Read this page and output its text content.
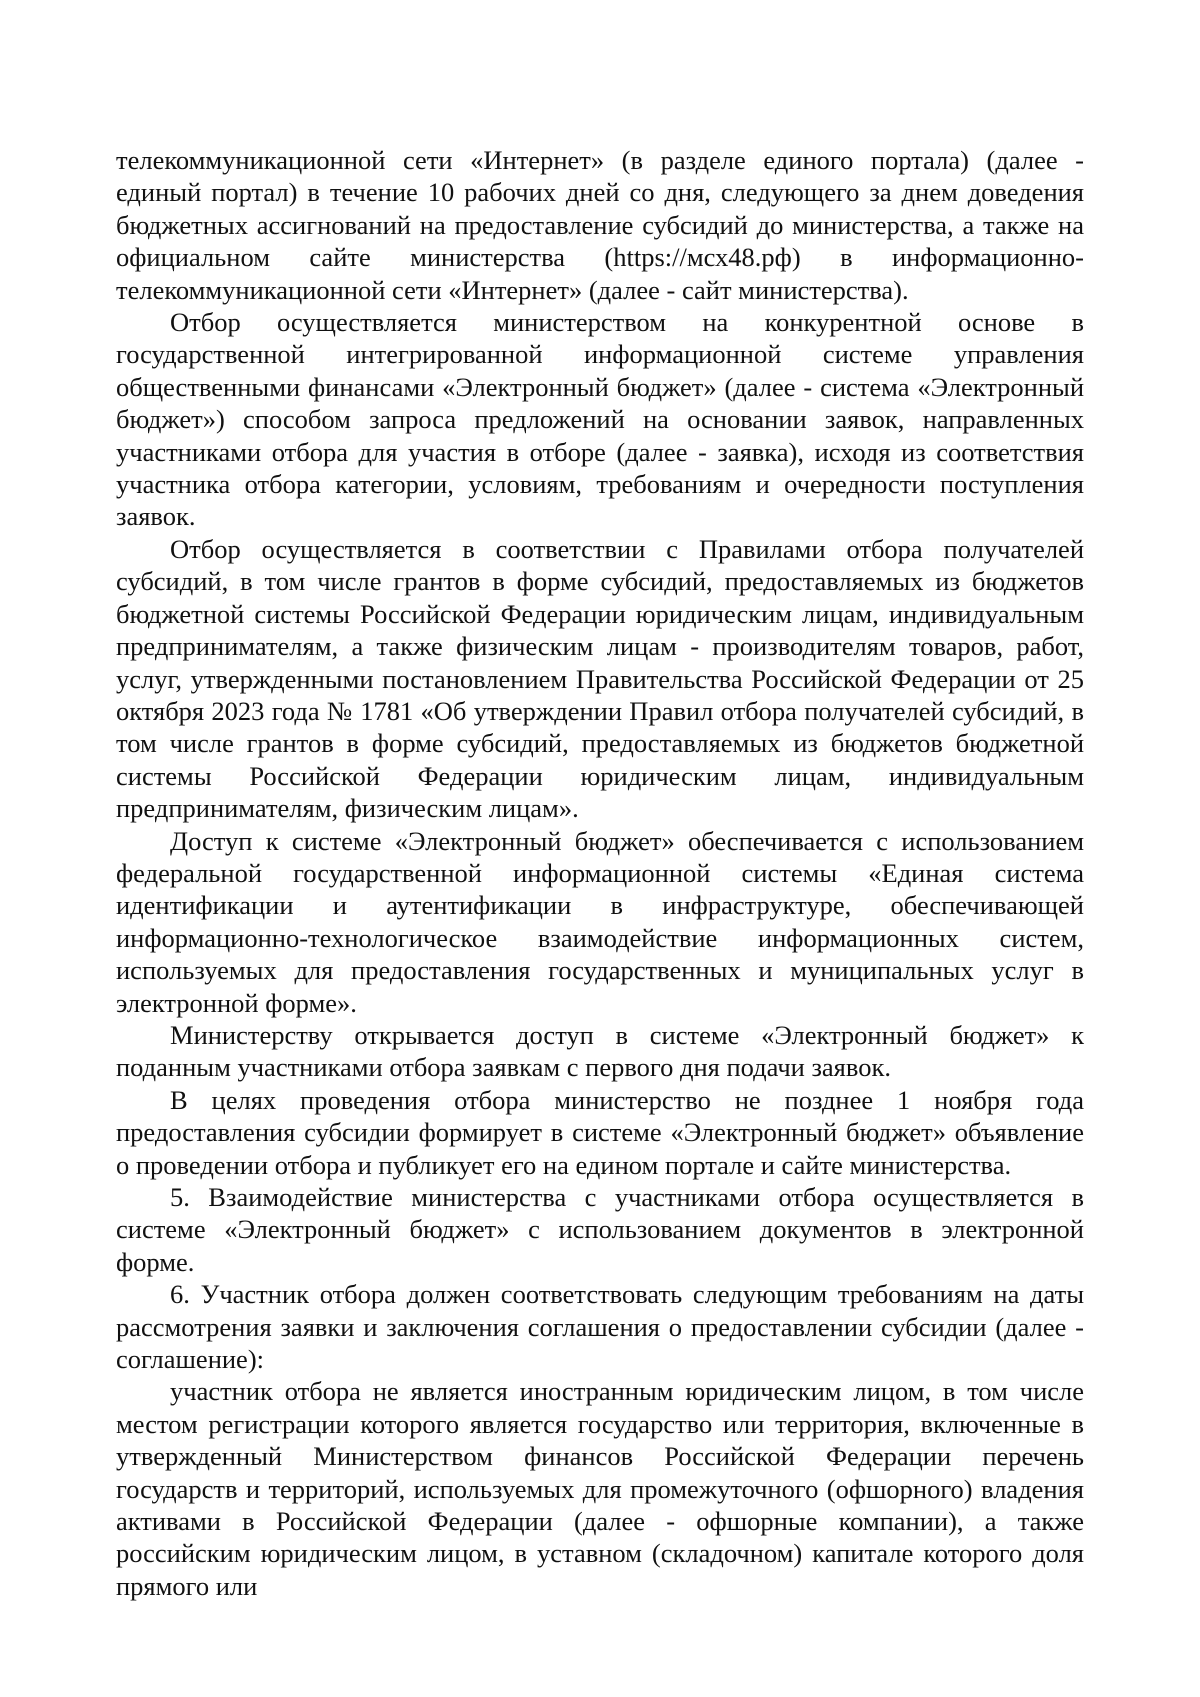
телекоммуникационной сети «Интернет» (в разделе единого портала) (далее - единый портал) в течение 10 рабочих дней со дня, следующего за днем доведения бюджетных ассигнований на предоставление субсидий до министерства, а также на официальном сайте министерства (https://мсх48.рф) в информационно-телекоммуникационной сети «Интернет» (далее - сайт министерства).

Отбор осуществляется министерством на конкурентной основе в государственной интегрированной информационной системе управления общественными финансами «Электронный бюджет» (далее - система «Электронный бюджет») способом запроса предложений на основании заявок, направленных участниками отбора для участия в отборе (далее - заявка), исходя из соответствия участника отбора категории, условиям, требованиям и очередности поступления заявок.

Отбор осуществляется в соответствии с Правилами отбора получателей субсидий, в том числе грантов в форме субсидий, предоставляемых из бюджетов бюджетной системы Российской Федерации юридическим лицам, индивидуальным предпринимателям, а также физическим лицам - производителям товаров, работ, услуг, утвержденными постановлением Правительства Российской Федерации от 25 октября 2023 года № 1781 «Об утверждении Правил отбора получателей субсидий, в том числе грантов в форме субсидий, предоставляемых из бюджетов бюджетной системы Российской Федерации юридическим лицам, индивидуальным предпринимателям, физическим лицам».

Доступ к системе «Электронный бюджет» обеспечивается с использованием федеральной государственной информационной системы «Единая система идентификации и аутентификации в инфраструктуре, обеспечивающей информационно-технологическое взаимодействие информационных систем, используемых для предоставления государственных и муниципальных услуг в электронной форме».

Министерству открывается доступ в системе «Электронный бюджет» к поданным участниками отбора заявкам с первого дня подачи заявок.

В целях проведения отбора министерство не позднее 1 ноября года предоставления субсидии формирует в системе «Электронный бюджет» объявление о проведении отбора и публикует его на едином портале и сайте министерства.

5. Взаимодействие министерства с участниками отбора осуществляется в системе «Электронный бюджет» с использованием документов в электронной форме.

6. Участник отбора должен соответствовать следующим требованиям на даты рассмотрения заявки и заключения соглашения о предоставлении субсидии (далее - соглашение):

участник отбора не является иностранным юридическим лицом, в том числе местом регистрации которого является государство или территория, включенные в утвержденный Министерством финансов Российской Федерации перечень государств и территорий, используемых для промежуточного (офшорного) владения активами в Российской Федерации (далее - офшорные компании), а также российским юридическим лицом, в уставном (складочном) капитале которого доля прямого или
